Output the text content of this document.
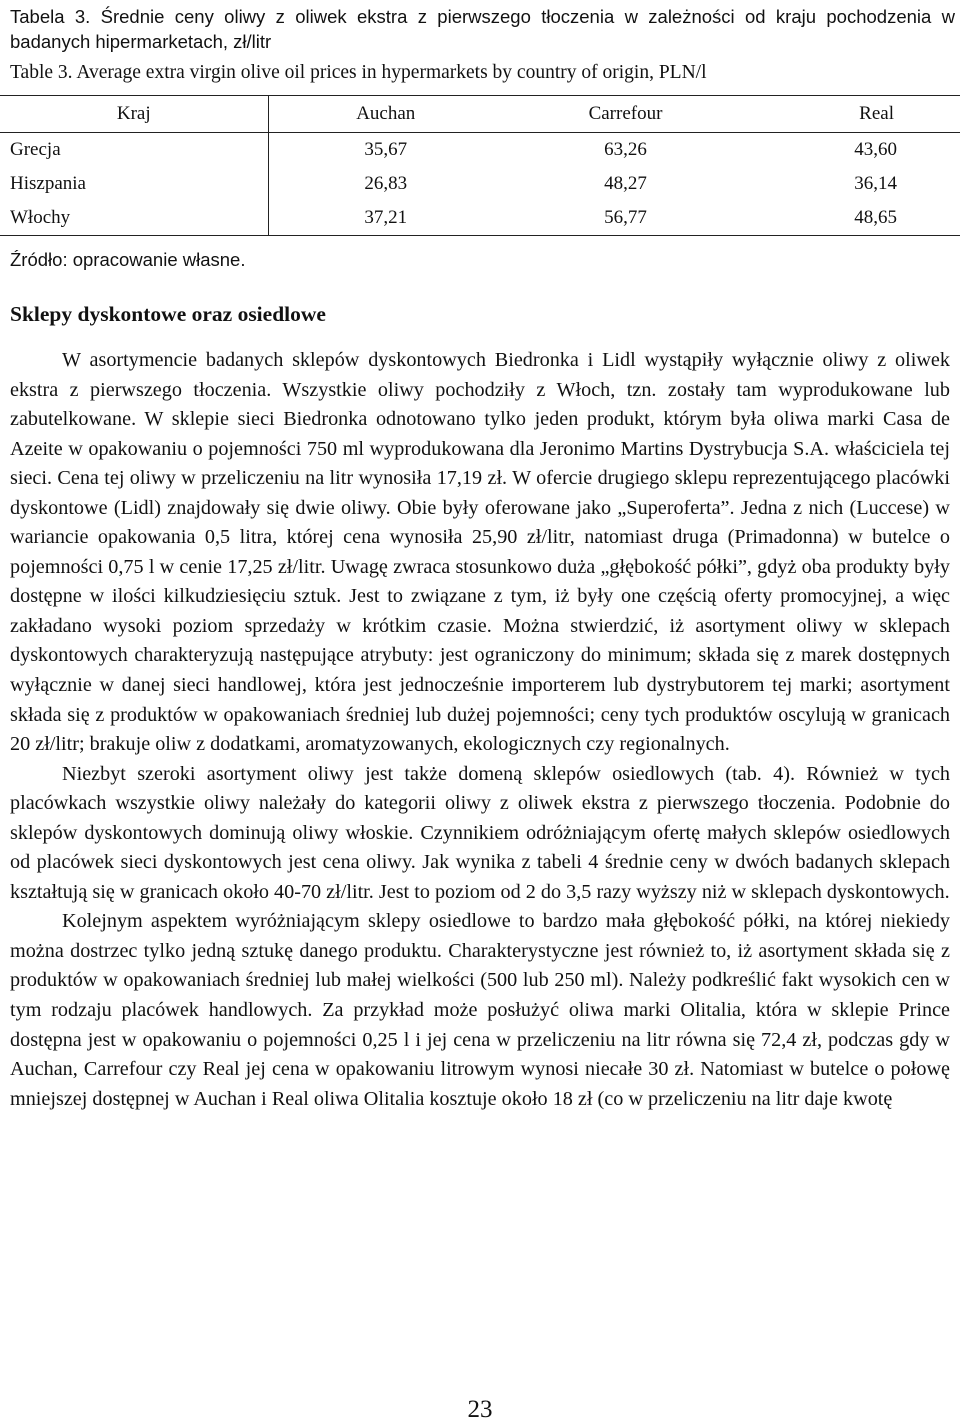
Tabela 3. Średnie ceny oliwy z oliwek ekstra z pierwszego tłoczenia w zależności od kraju pochodzenia w badanych hipermarketach, zł/litr
Table 3. Average extra virgin olive oil prices in hypermarkets by country of origin, PLN/l
Kraj	Auchan	Carrefour	Real
Grecja	35,67	63,26	43,60
Hiszpania	26,83	48,27	36,14
Włochy	37,21	56,77	48,65
Źródło: opracowanie własne.
Sklepy dyskontowe oraz osiedlowe

W asortymencie badanych sklepów dyskontowych Biedronka i Lidl wystąpiły wyłącznie oliwy z oliwek ekstra z pierwszego tłoczenia. Wszystkie oliwy pochodziły z Włoch, tzn. zostały tam wyprodukowane lub zabutelkowane. W sklepie sieci Biedronka odnotowano tylko jeden produkt, którym była oliwa marki Casa de Azeite w opakowaniu o pojemności 750 ml wyprodukowana dla Jeronimo Martins Dystrybucja S.A. właściciela tej sieci. Cena tej oliwy w przeliczeniu na litr wynosiła 17,19 zł. W ofercie drugiego sklepu reprezentującego placówki dyskontowe (Lidl) znajdowały się dwie oliwy. Obie były oferowane jako „Superoferta”. Jedna z nich (Luccese) w wariancie opakowania 0,5 litra, której cena wynosiła 25,90 zł/litr, natomiast druga (Primadonna) w butelce o pojemności 0,75 l w cenie 17,25 zł/litr. Uwagę zwraca stosunkowo duża „głębokość półki”, gdyż oba produkty były dostępne w ilości kilkudziesięciu sztuk. Jest to związane z tym, iż były one częścią oferty promocyjnej, a więc zakładano wysoki poziom sprzedaży w krótkim czasie. Można stwierdzić, iż asortyment oliwy w sklepach dyskontowych charakteryzują następujące atrybuty: jest ograniczony do minimum; składa się z marek dostępnych wyłącznie w danej sieci handlowej, która jest jednocześnie importerem lub dystrybutorem tej marki; asortyment składa się z produktów w opakowaniach średniej lub dużej pojemności; ceny tych produktów oscylują w granicach 20 zł/litr; brakuje oliw z dodatkami, aromatyzowanych, ekologicznych czy regionalnych.

Niezbyt szeroki asortyment oliwy jest także domeną sklepów osiedlowych (tab. 4). Również w tych placówkach wszystkie oliwy należały do kategorii oliwy z oliwek ekstra z pierwszego tłoczenia. Podobnie do sklepów dyskontowych dominują oliwy włoskie. Czynnikiem odróżniającym ofertę małych sklepów osiedlowych od placówek sieci dyskontowych jest cena oliwy. Jak wynika z tabeli 4 średnie ceny w dwóch badanych sklepach kształtują się w granicach około 40-70 zł/litr. Jest to poziom od 2 do 3,5 razy wyższy niż w sklepach dyskontowych.

Kolejnym aspektem wyróżniającym sklepy osiedlowe to bardzo mała głębokość półki, na której niekiedy można dostrzec tylko jedną sztukę danego produktu. Charakterystyczne jest również to, iż asortyment składa się z produktów w opakowaniach średniej lub małej wielkości (500 lub 250 ml). Należy podkreślić fakt wysokich cen w tym rodzaju placówek handlowych. Za przykład może posłużyć oliwa marki Olitalia, która w sklepie Prince dostępna jest w opakowaniu o pojemności 0,25 l i jej cena w przeliczeniu na litr równa się 72,4 zł, podczas gdy w Auchan, Carrefour czy Real jej cena w opakowaniu litrowym wynosi niecałe 30 zł. Natomiast w butelce o połowę mniejszej dostępnej w Auchan i Real oliwa Olitalia kosztuje około 18 zł (co w przeliczeniu na litr daje kwotę

23
